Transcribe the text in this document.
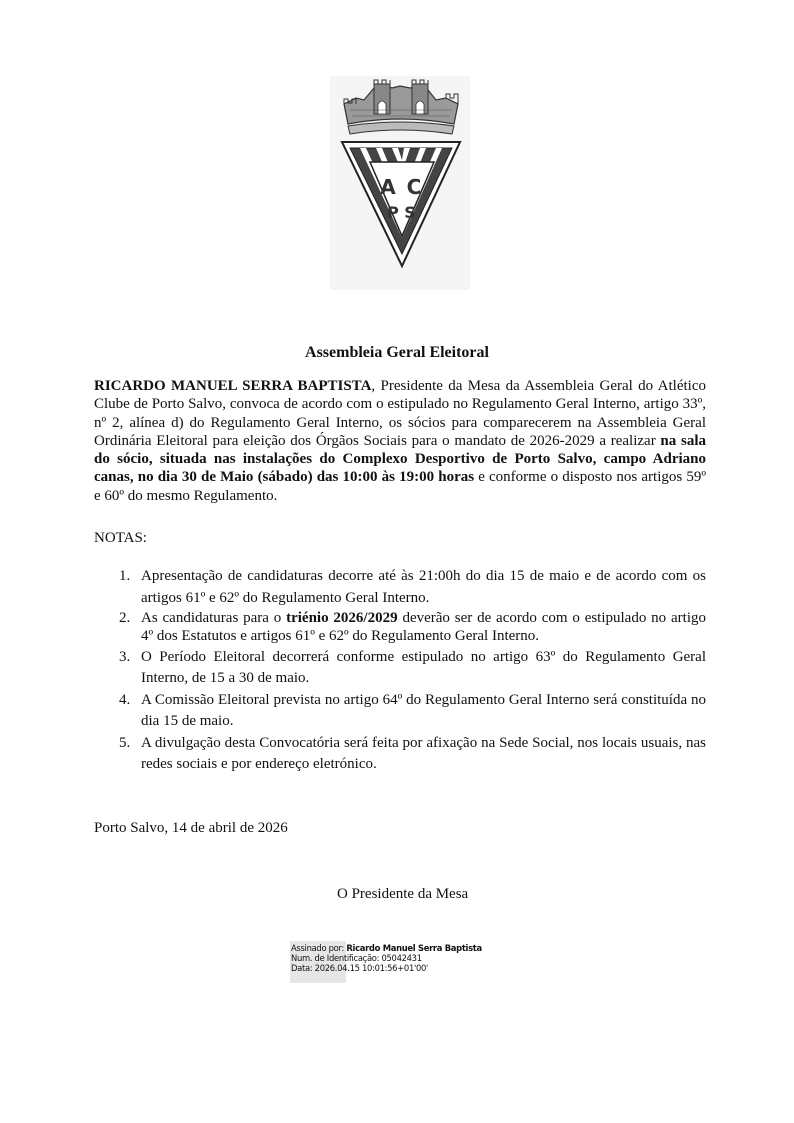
A C
P S
Assembleia Geral Eleitoral
RICARDO MANUEL SERRA BAPTISTA, Presidente da Mesa da Assembleia Geral do Atlético Clube de Porto Salvo, convoca de acordo com o estipulado no Regulamento Geral Interno, artigo 33º, nº 2, alínea d) do Regulamento Geral Interno, os sócios para comparecerem na Assembleia Geral Ordinária Eleitoral para eleição dos Órgãos Sociais para o mandato de 2026-2029 a realizar na sala do sócio, situada nas instalações do Complexo Desportivo de Porto Salvo, campo Adriano canas, no dia 30 de Maio (sábado) das 10:00 às 19:00 horas e conforme o disposto nos artigos 59º e 60º do mesmo Regulamento.
NOTAS:
1. Apresentação de candidaturas decorre até às 21:00h do dia 15 de maio e de acordo com os artigos 61º e 62º do Regulamento Geral Interno.
2. As candidaturas para o triénio 2026/2029 deverão ser de acordo com o estipulado no artigo 4º dos Estatutos e artigos 61º e 62º do Regulamento Geral Interno.
3. O Período Eleitoral decorrerá conforme estipulado no artigo 63º do Regulamento Geral Interno, de 15 a 30 de maio.
4. A Comissão Eleitoral prevista no artigo 64º do Regulamento Geral Interno será constituída no dia 15 de maio.
5. A divulgação desta Convocatória será feita por afixação na Sede Social, nos locais usuais, nas redes sociais e por endereço eletrónico.
Porto Salvo, 14 de abril de 2026
O Presidente da Mesa
Assinado por: Ricardo Manuel Serra Baptista
Num. de Identificação: 05042431
Data: 2026.04.15 10:01:56+01'00'
